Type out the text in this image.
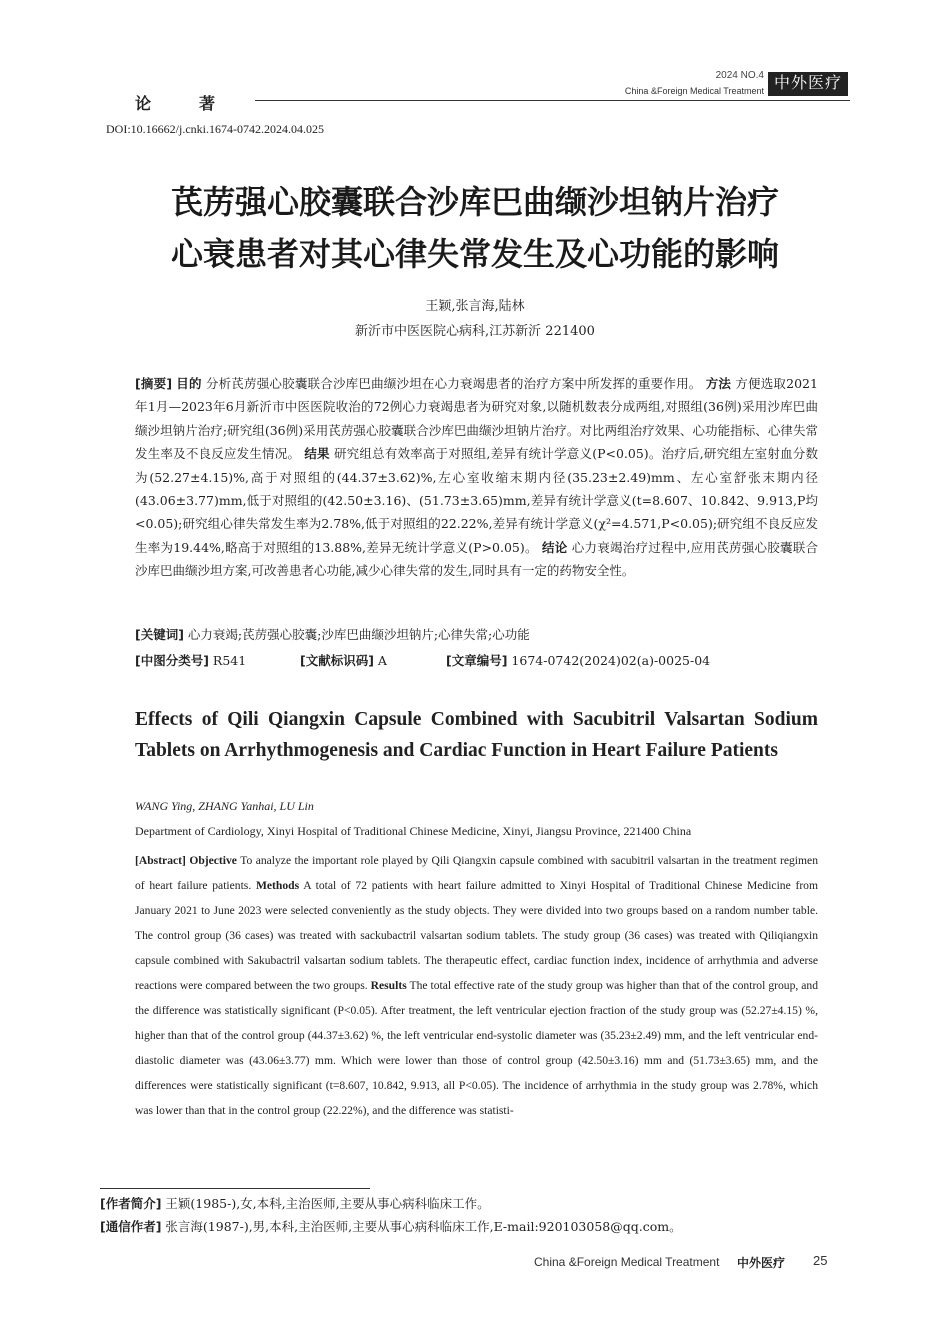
论著
2024 NO.4
China &Foreign Medical Treatment 中外医疗
DOI:10.16662/j.cnki.1674-0742.2024.04.025
芪苈强心胶囊联合沙库巴曲缬沙坦钠片治疗
心衰患者对其心律失常发生及心功能的影响
王颖,张言海,陆林
新沂市中医医院心病科,江苏新沂 221400
[摘要] 目的 分析芪苈强心胶囊联合沙库巴曲缬沙坦在心力衰竭患者的治疗方案中所发挥的重要作用。 方法 方便选取2021年1月—2023年6月新沂市中医医院收治的72例心力衰竭患者为研究对象,以随机数表分成两组,对照组(36例)采用沙库巴曲缬沙坦钠片治疗;研究组(36例)采用芪苈强心胶囊联合沙库巴曲缬沙坦钠片治疗。对比两组治疗效果、心功能指标、心律失常发生率及不良反应发生情况。 结果 研究组总有效率高于对照组,差异有统计学意义(P<0.05)。治疗后,研究组左室射血分数为(52.27±4.15)%,高于对照组的(44.37±3.62)%,左心室收缩末期内径(35.23±2.49)mm、左心室舒张末期内径(43.06±3.77)mm,低于对照组的(42.50±3.16)、(51.73±3.65)mm,差异有统计学意义(t=8.607、10.842、9.913,P均<0.05);研究组心律失常发生率为2.78%,低于对照组的22.22%,差异有统计学意义(χ²=4.571,P<0.05);研究组不良反应发生率为19.44%,略高于对照组的13.88%,差异无统计学意义(P>0.05)。 结论 心力衰竭治疗过程中,应用芪苈强心胶囊联合沙库巴曲缬沙坦方案,可改善患者心功能,减少心律失常的发生,同时具有一定的药物安全性。
[关键词] 心力衰竭;芪苈强心胶囊;沙库巴曲缬沙坦钠片;心律失常;心功能
[中图分类号] R541	[文献标识码] A	[文章编号] 1674-0742(2024)02(a)-0025-04
Effects of Qili Qiangxin Capsule Combined with Sacubitril Valsartan Sodium Tablets on Arrhythmogenesis and Cardiac Function in Heart Failure Patients
WANG Ying, ZHANG Yanhai, LU Lin
Department of Cardiology, Xinyi Hospital of Traditional Chinese Medicine, Xinyi, Jiangsu Province, 221400 China
[Abstract] Objective To analyze the important role played by Qili Qiangxin capsule combined with sacubitril valsartan in the treatment regimen of heart failure patients. Methods A total of 72 patients with heart failure admitted to Xinyi Hospital of Traditional Chinese Medicine from January 2021 to June 2023 were selected conveniently as the study objects. They were divided into two groups based on a random number table. The control group (36 cases) was treated with sackubactril valsartan sodium tablets. The study group (36 cases) was treated with Qiliqiangxin capsule combined with Sakubactril valsartan sodium tablets. The therapeutic effect, cardiac function index, incidence of arrhythmia and adverse reactions were compared between the two groups. Results The total effective rate of the study group was higher than that of the control group, and the difference was statistically significant (P<0.05). After treatment, the left ventricular ejection fraction of the study group was (52.27±4.15) %, higher than that of the control group (44.37±3.62) %, the left ventricular end-systolic diameter was (35.23±2.49) mm, and the left ventricular end-diastolic diameter was (43.06±3.77) mm. Which were lower than those of control group (42.50±3.16) mm and (51.73±3.65) mm, and the differences were statistically significant (t=8.607, 10.842, 9.913, all P<0.05). The incidence of arrhythmia in the study group was 2.78%, which was lower than that in the control group (22.22%), and the difference was statisti-
[作者简介] 王颖(1985-),女,本科,主治医师,主要从事心病科临床工作。
[通信作者] 张言海(1987-),男,本科,主治医师,主要从事心病科临床工作,E-mail:920103058@qq.com。
China &Foreign Medical Treatment 中外医疗 25
